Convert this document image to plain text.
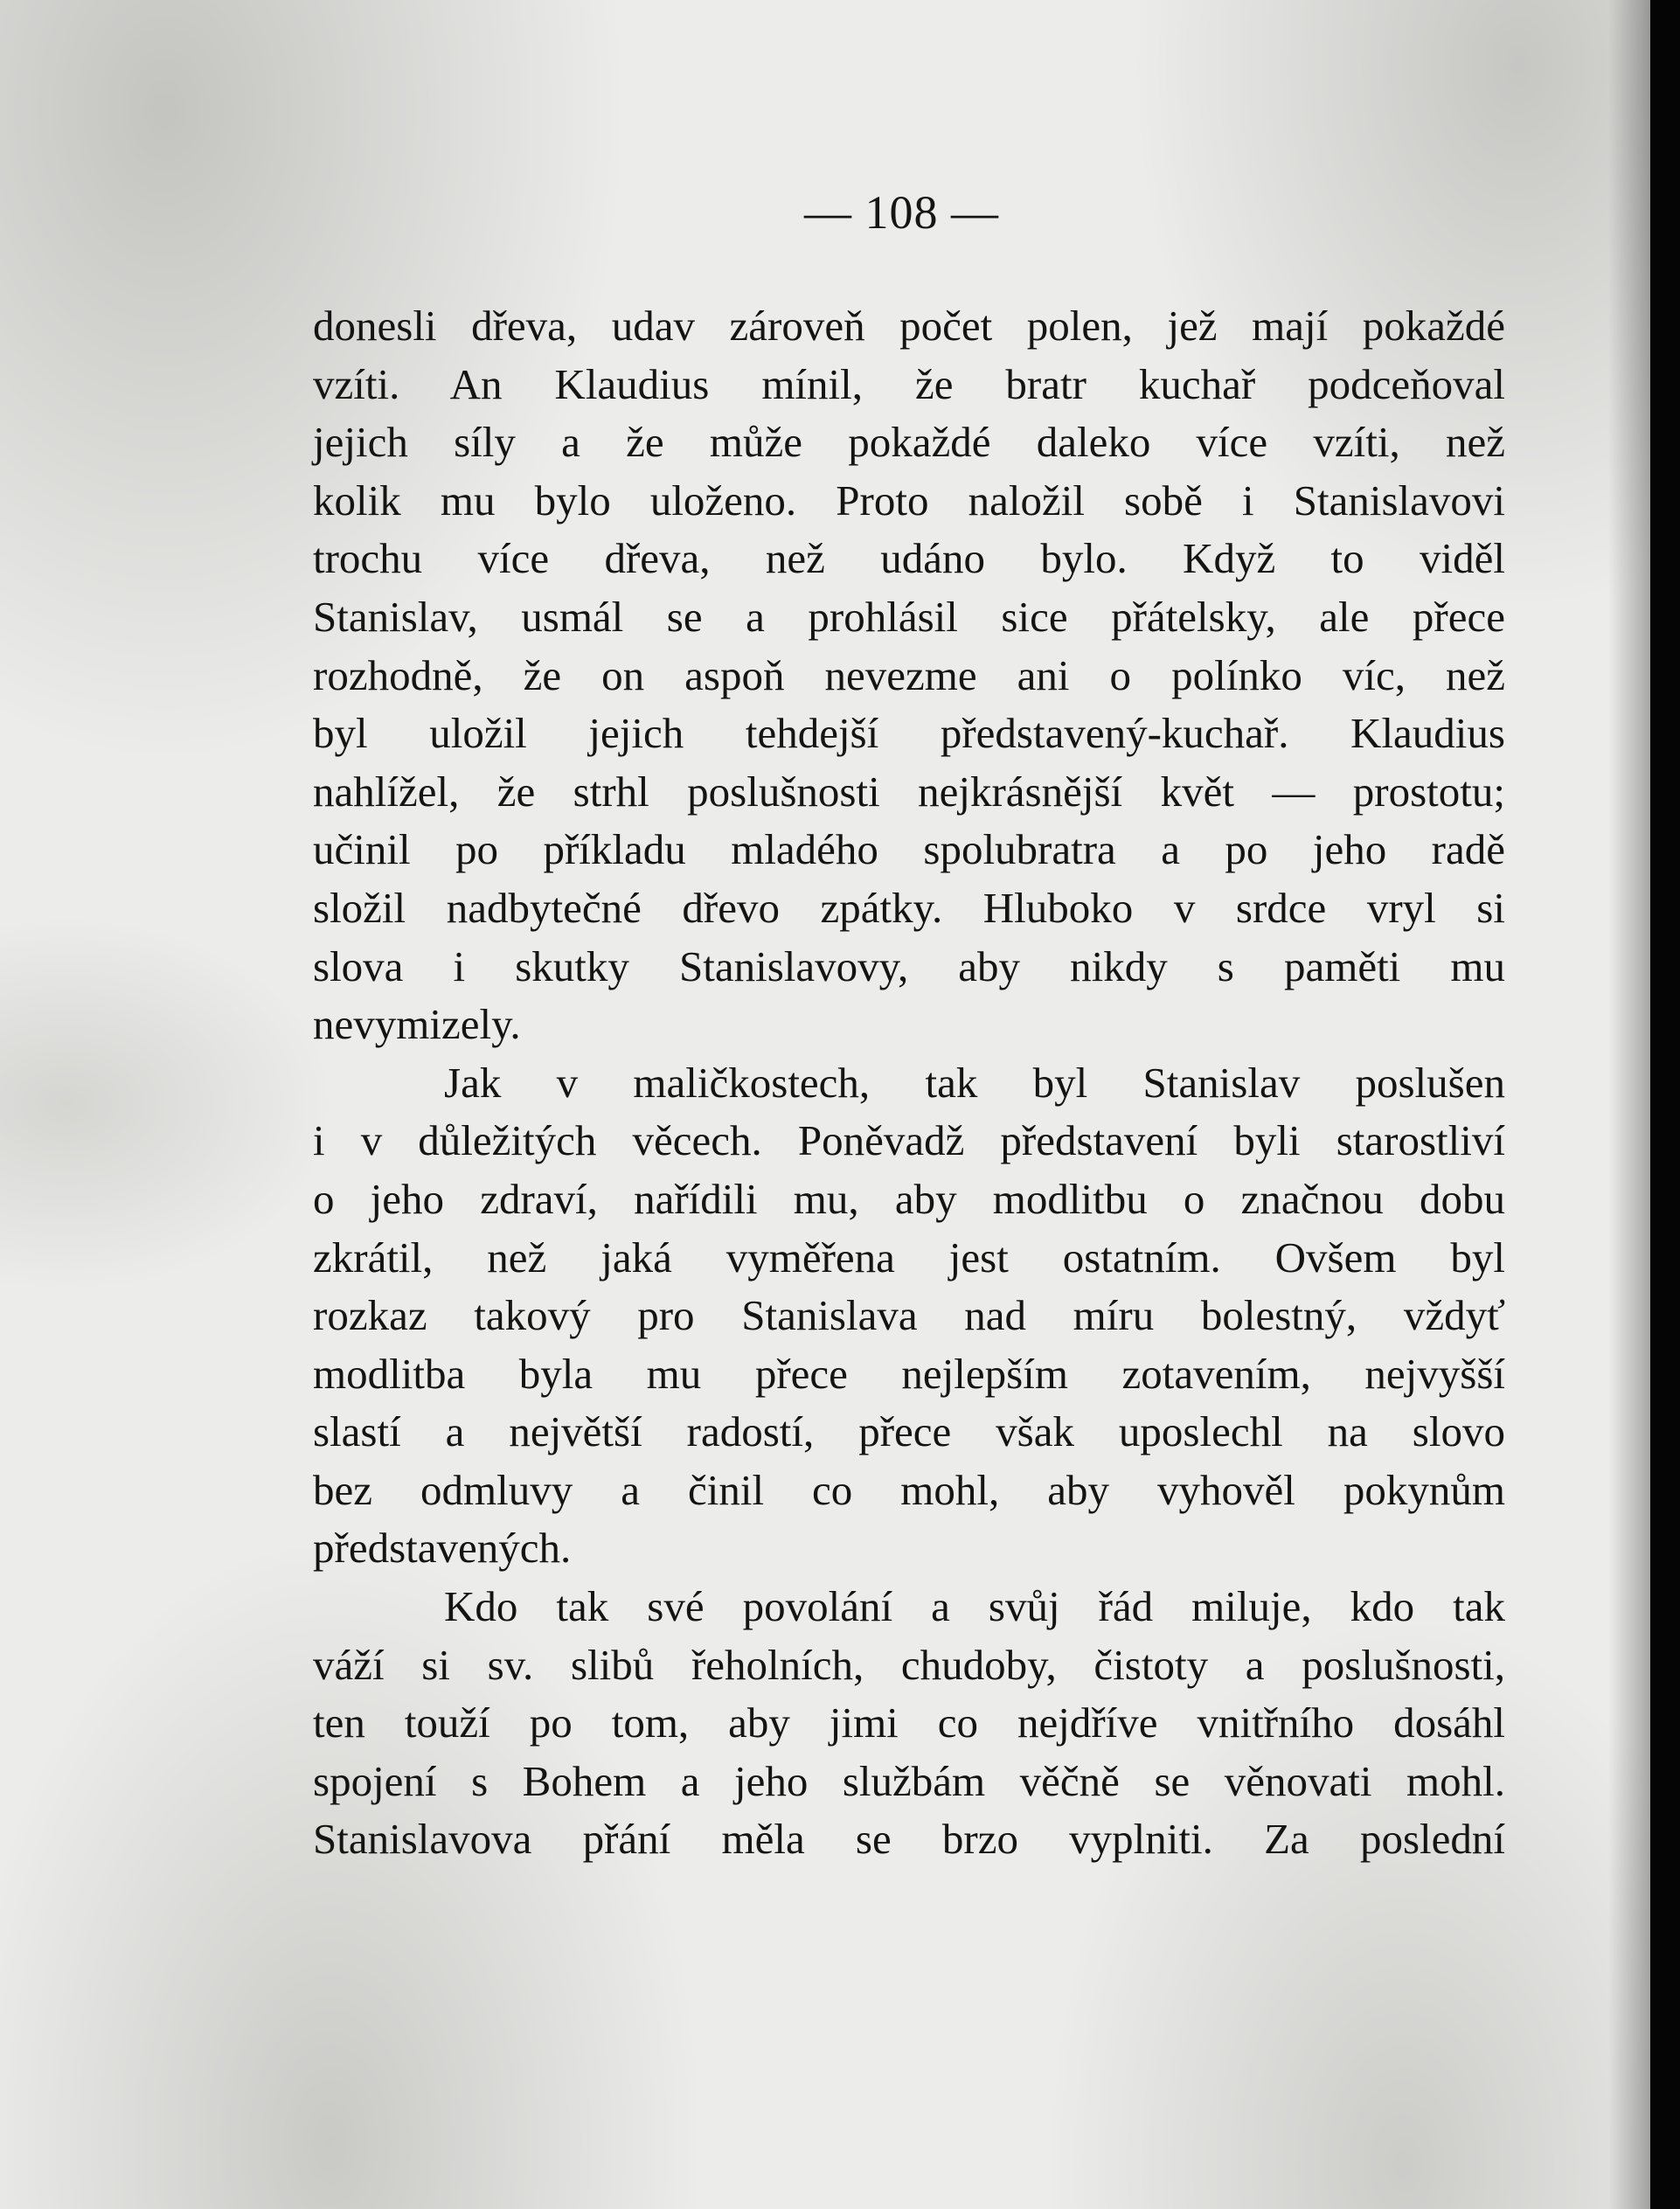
— 108 —
donesli dřeva, udav zároveň počet polen, jež mají pokaždé
vzíti. An Klaudius mínil, že bratr kuchař podceňoval
jejich síly a že může pokaždé daleko více vzíti, než
kolik mu bylo uloženo. Proto naložil sobě i Stanislavovi
trochu více dřeva, než udáno bylo. Když to viděl
Stanislav, usmál se a prohlásil sice přátelsky, ale přece
rozhodně, že on aspoň nevezme ani o polínko víc, než
byl uložil jejich tehdejší představený-kuchař. Klaudius
nahlížel, že strhl poslušnosti nejkrásnější květ — prostotu;
učinil po příkladu mladého spolubratra a po jeho radě
složil nadbytečné dřevo zpátky. Hluboko v srdce vryl si
slova i skutky Stanislavovy, aby nikdy s paměti mu
nevymizely.
Jak v maličkostech, tak byl Stanislav poslušen
i v důležitých věcech. Poněvadž představení byli starostliví
o jeho zdraví, nařídili mu, aby modlitbu o značnou dobu
zkrátil, než jaká vyměřena jest ostatním. Ovšem byl
rozkaz takový pro Stanislava nad míru bolestný, vždyť
modlitba byla mu přece nejlepším zotavením, nejvyšší
slastí a největší radostí, přece však uposlechl na slovo
bez odmluvy a činil co mohl, aby vyhověl pokynům
představených.
Kdo tak své povolání a svůj řád miluje, kdo tak
váží si sv. slibů řeholních, chudoby, čistoty a poslušnosti,
ten touží po tom, aby jimi co nejdříve vnitřního dosáhl
spojení s Bohem a jeho službám věčně se věnovati mohl.
Stanislavova přání měla se brzo vyplniti. Za poslední
